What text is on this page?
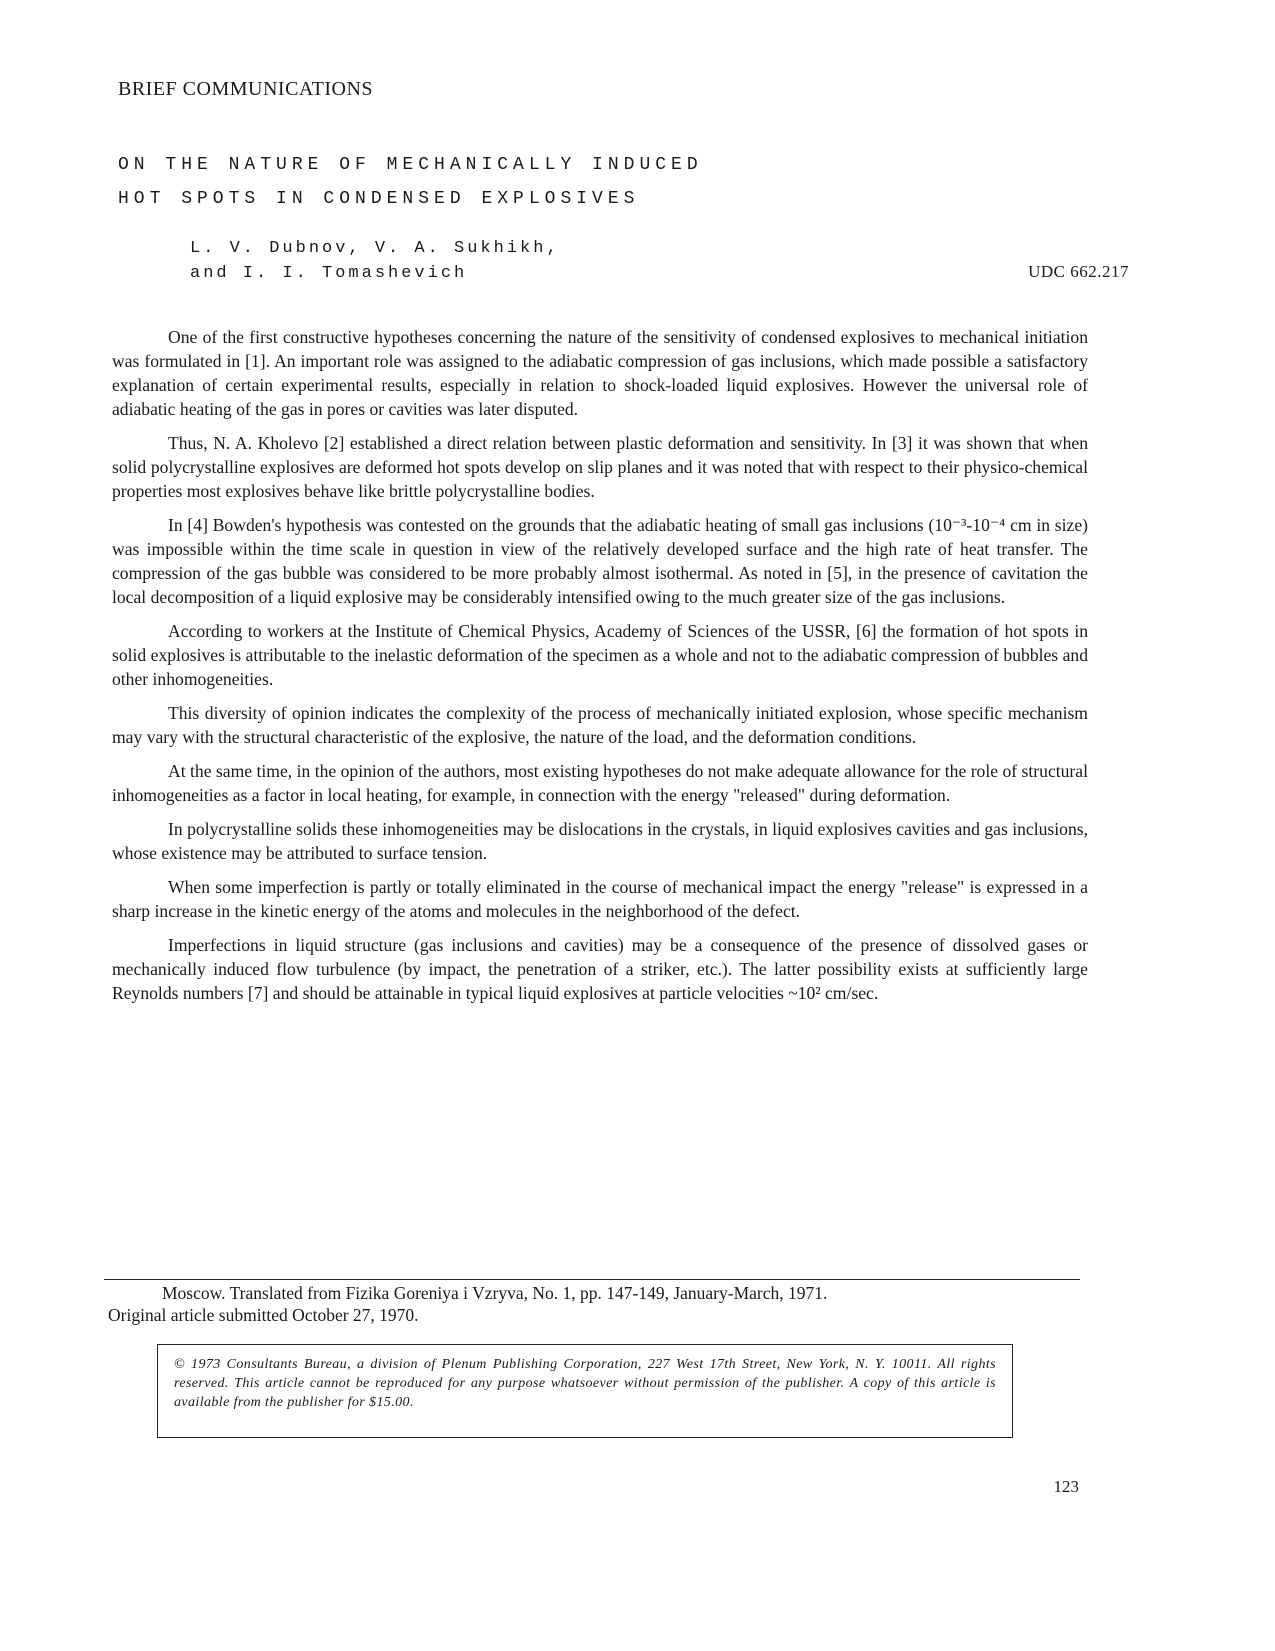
BRIEF COMMUNICATIONS
ON THE NATURE OF MECHANICALLY INDUCED
HOT SPOTS IN CONDENSED EXPLOSIVES
L. V. Dubnov, V. A. Sukhikh,
and I. I. Tomashevich	UDC 662.217

One of the first constructive hypotheses concerning the nature of the sensitivity of condensed explosives to mechanical initiation was formulated in [1]. An important role was assigned to the adiabatic compression of gas inclusions, which made possible a satisfactory explanation of certain experimental results, especially in relation to shock-loaded liquid explosives. However the universal role of adiabatic heating of the gas in pores or cavities was later disputed.

Thus, N. A. Kholevo [2] established a direct relation between plastic deformation and sensitivity. In [3] it was shown that when solid polycrystalline explosives are deformed hot spots develop on slip planes and it was noted that with respect to their physico-chemical properties most explosives behave like brittle polycrystalline bodies.

In [4] Bowden's hypothesis was contested on the grounds that the adiabatic heating of small gas inclusions (10⁻³-10⁻⁴ cm in size) was impossible within the time scale in question in view of the relatively developed surface and the high rate of heat transfer. The compression of the gas bubble was considered to be more probably almost isothermal. As noted in [5], in the presence of cavitation the local decomposition of a liquid explosive may be considerably intensified owing to the much greater size of the gas inclusions.

According to workers at the Institute of Chemical Physics, Academy of Sciences of the USSR, [6] the formation of hot spots in solid explosives is attributable to the inelastic deformation of the specimen as a whole and not to the adiabatic compression of bubbles and other inhomogeneities.

This diversity of opinion indicates the complexity of the process of mechanically initiated explosion, whose specific mechanism may vary with the structural characteristic of the explosive, the nature of the load, and the deformation conditions.

At the same time, in the opinion of the authors, most existing hypotheses do not make adequate allowance for the role of structural inhomogeneities as a factor in local heating, for example, in connection with the energy "released" during deformation.

In polycrystalline solids these inhomogeneities may be dislocations in the crystals, in liquid explosives cavities and gas inclusions, whose existence may be attributed to surface tension.

When some imperfection is partly or totally eliminated in the course of mechanical impact the energy "release" is expressed in a sharp increase in the kinetic energy of the atoms and molecules in the neighborhood of the defect.

Imperfections in liquid structure (gas inclusions and cavities) may be a consequence of the presence of dissolved gases or mechanically induced flow turbulence (by impact, the penetration of a striker, etc.). The latter possibility exists at sufficiently large Reynolds numbers [7] and should be attainable in typical liquid explosives at particle velocities ~10² cm/sec.

Moscow. Translated from Fizika Goreniya i Vzryva, No. 1, pp. 147-149, January-March, 1971.
Original article submitted October 27, 1970.
© 1973 Consultants Bureau, a division of Plenum Publishing Corporation, 227 West 17th Street, New York, N. Y. 10011. All rights reserved. This article cannot be reproduced for any purpose whatsoever without permission of the publisher. A copy of this article is available from the publisher for $15.00.
123
